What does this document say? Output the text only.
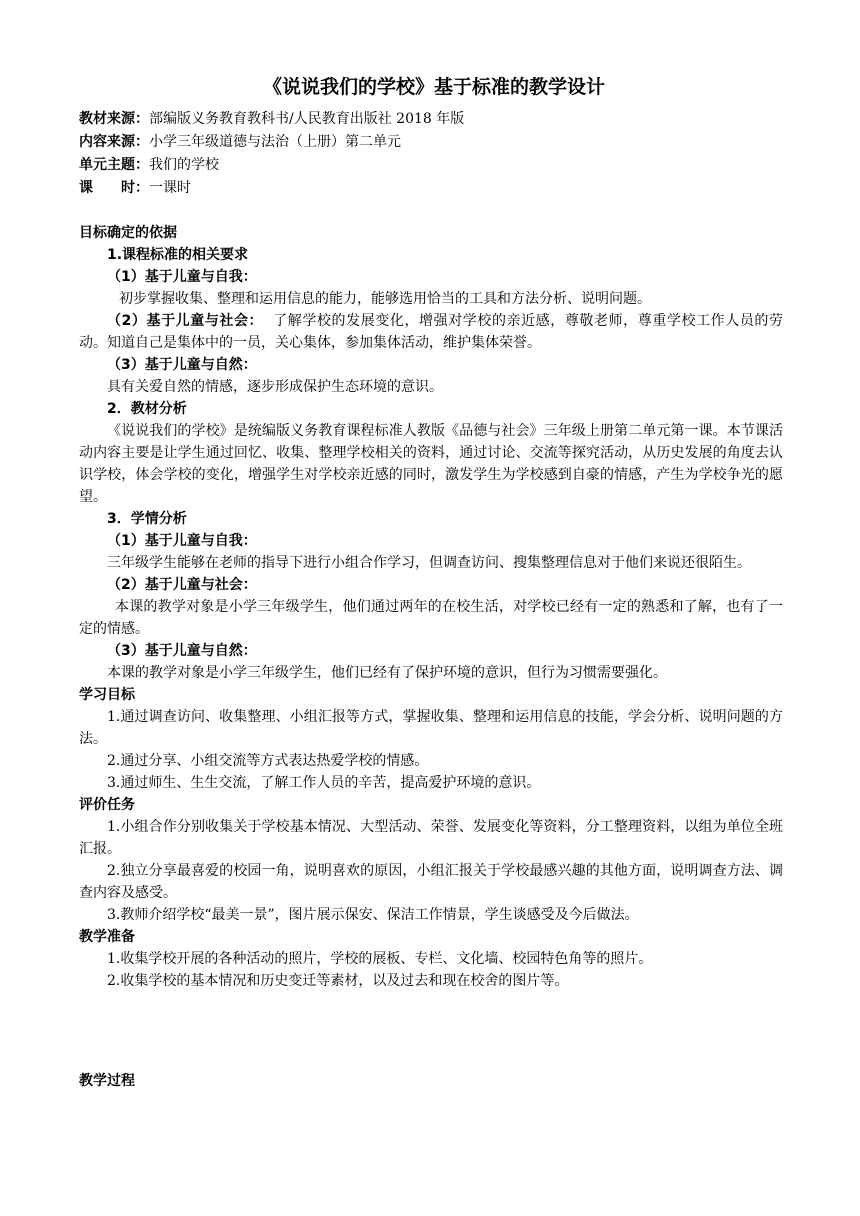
《说说我们的学校》基于标准的教学设计
教材来源：部编版义务教育教科书/人民教育出版社 2018 年版
内容来源：小学三年级道德与法治（上册）第二单元
单元主题：我们的学校
课　　时：一课时
目标确定的依据
1.课程标准的相关要求
（1）基于儿童与自我：
初步掌握收集、整理和运用信息的能力，能够选用恰当的工具和方法分析、说明问题。
（2）基于儿童与社会： 了解学校的发展变化，增强对学校的亲近感，尊敬老师，尊重学校工作人员的劳动。知道自己是集体中的一员，关心集体，参加集体活动，维护集体荣誉。
（3）基于儿童与自然：
具有关爱自然的情感，逐步形成保护生态环境的意识。
2．教材分析
《说说我们的学校》是统编版义务教育课程标准人教版《品德与社会》三年级上册第二单元第一课。本节课活动内容主要是让学生通过回忆、收集、整理学校相关的资料，通过讨论、交流等探究活动，从历史发展的角度去认识学校，体会学校的变化，增强学生对学校亲近感的同时，激发学生为学校感到自豪的情感，产生为学校争光的愿望。
3．学情分析
（1）基于儿童与自我：
三年级学生能够在老师的指导下进行小组合作学习，但调查访问、搜集整理信息对于他们来说还很陌生。
（2）基于儿童与社会：
本课的教学对象是小学三年级学生，他们通过两年的在校生活，对学校已经有一定的熟悉和了解，也有了一定的情感。
（3）基于儿童与自然：
本课的教学对象是小学三年级学生，他们已经有了保护环境的意识，但行为习惯需要强化。
学习目标
1.通过调查访问、收集整理、小组汇报等方式，掌握收集、整理和运用信息的技能，学会分析、说明问题的方法。
2.通过分享、小组交流等方式表达热爱学校的情感。
3.通过师生、生生交流，了解工作人员的辛苦，提高爱护环境的意识。
评价任务
1.小组合作分别收集关于学校基本情况、大型活动、荣誉、发展变化等资料，分工整理资料，以组为单位全班汇报。
2.独立分享最喜爱的校园一角，说明喜欢的原因，小组汇报关于学校最感兴趣的其他方面，说明调查方法、调查内容及感受。
3.教师介绍学校“最美一景”，图片展示保安、保洁工作情景，学生谈感受及今后做法。
教学准备
1.收集学校开展的各种活动的照片，学校的展板、专栏、文化墙、校园特色角等的照片。
2.收集学校的基本情况和历史变迁等素材，以及过去和现在校舍的图片等。
教学过程
